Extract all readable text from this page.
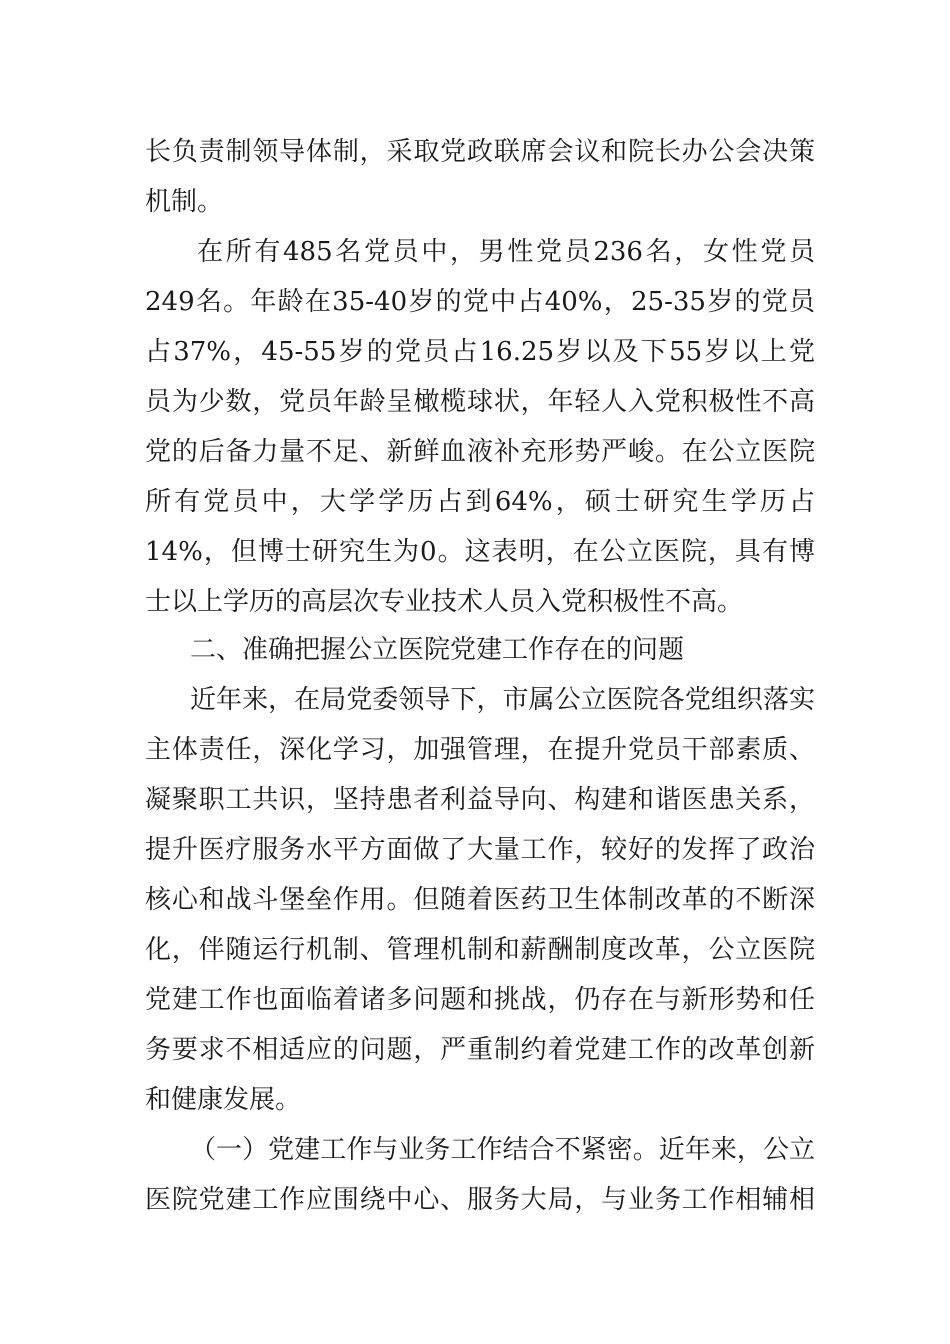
长负责制领导体制，采取党政联席会议和院长办公会决策
机制。
在所有485名党员中，男性党员236名，女性党员
249名。年龄在35-40岁的党中占40%，25-35岁的党员
占37%，45-55岁的党员占16.25岁以及下55岁以上党
员为少数，党员年龄呈橄榄球状，年轻人入党积极性不高
党的后备力量不足、新鲜血液补充形势严峻。在公立医院
所有党员中，大学学历占到64%，硕士研究生学历占
14%，但博士研究生为0。这表明，在公立医院，具有博
士以上学历的高层次专业技术人员入党积极性不高。
二、准确把握公立医院党建工作存在的问题
近年来，在局党委领导下，市属公立医院各党组织落实
主体责任，深化学习，加强管理，在提升党员干部素质、
凝聚职工共识，坚持患者利益导向、构建和谐医患关系，
提升医疗服务水平方面做了大量工作，较好的发挥了政治
核心和战斗堡垒作用。但随着医药卫生体制改革的不断深
化，伴随运行机制、管理机制和薪酬制度改革，公立医院
党建工作也面临着诸多问题和挑战，仍存在与新形势和任
务要求不相适应的问题，严重制约着党建工作的改革创新
和健康发展。
（一）党建工作与业务工作结合不紧密。近年来，公立
医院党建工作应围绕中心、服务大局，与业务工作相辅相
